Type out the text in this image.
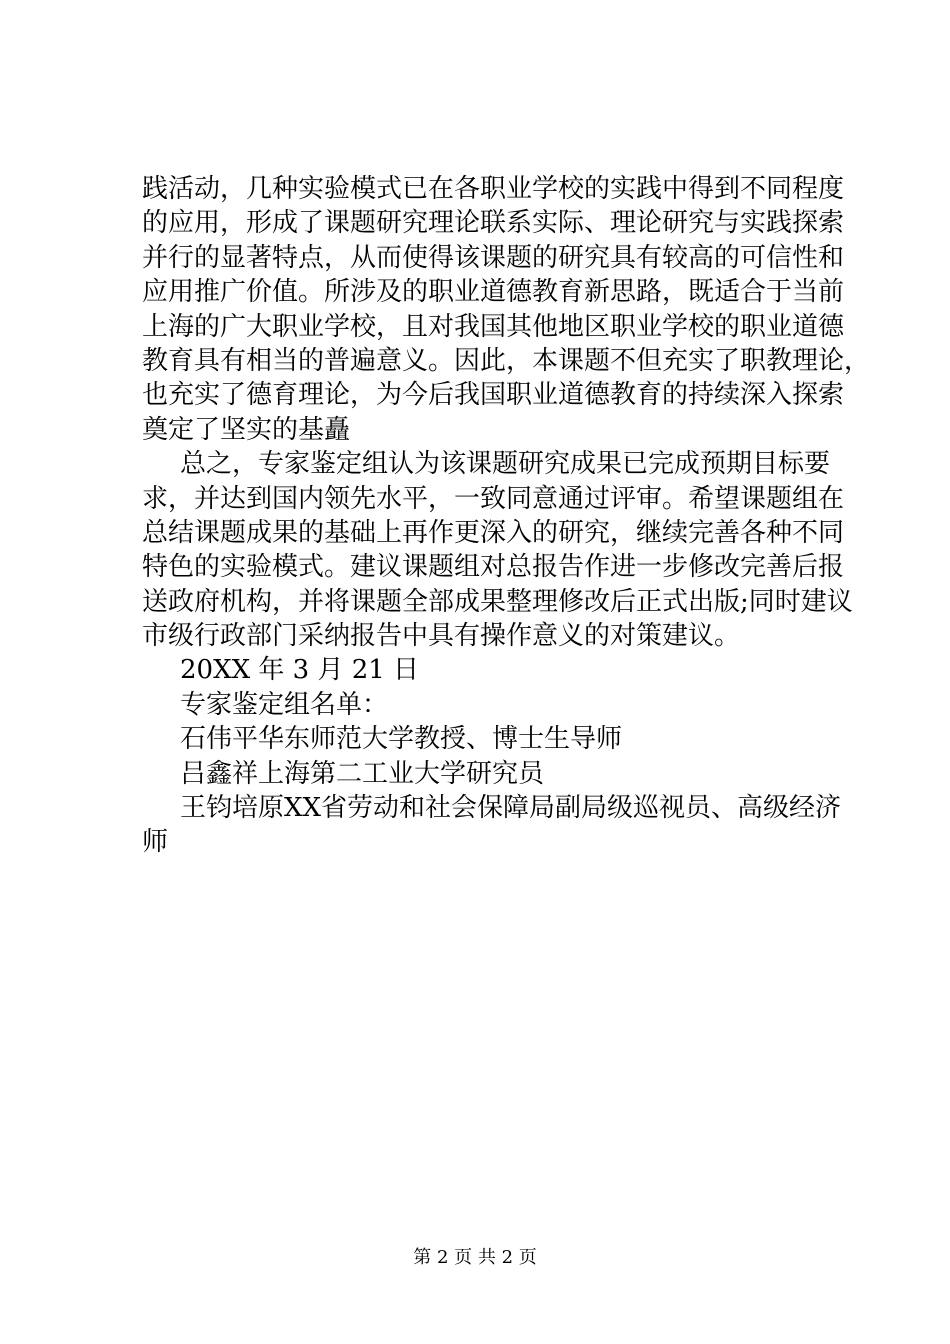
践活动，几种实验模式已在各职业学校的实践中得到不同程度
的应用，形成了课题研究理论联系实际、理论研究与实践探索
并行的显著特点，从而使得该课题的研究具有较高的可信性和
应用推广价值。所涉及的职业道德教育新思路，既适合于当前
上海的广大职业学校，且对我国其他地区职业学校的职业道德
教育具有相当的普遍意义。因此，本课题不但充实了职教理论，
也充实了德育理论，为今后我国职业道德教育的持续深入探索
奠定了坚实的基矗
总之，专家鉴定组认为该课题研究成果已完成预期目标要
求，并达到国内领先水平，一致同意通过评审。希望课题组在
总结课题成果的基础上再作更深入的研究，继续完善各种不同
特色的实验模式。建议课题组对总报告作进一步修改完善后报
送政府机构，并将课题全部成果整理修改后正式出版;同时建议
市级行政部门采纳报告中具有操作意义的对策建议。
20XX 年 3 月 21 日
专家鉴定组名单：
石伟平华东师范大学教授、博士生导师
吕鑫祥上海第二工业大学研究员
王钧培原XX省劳动和社会保障局副局级巡视员、高级经济
师
第 2 页 共 2 页
